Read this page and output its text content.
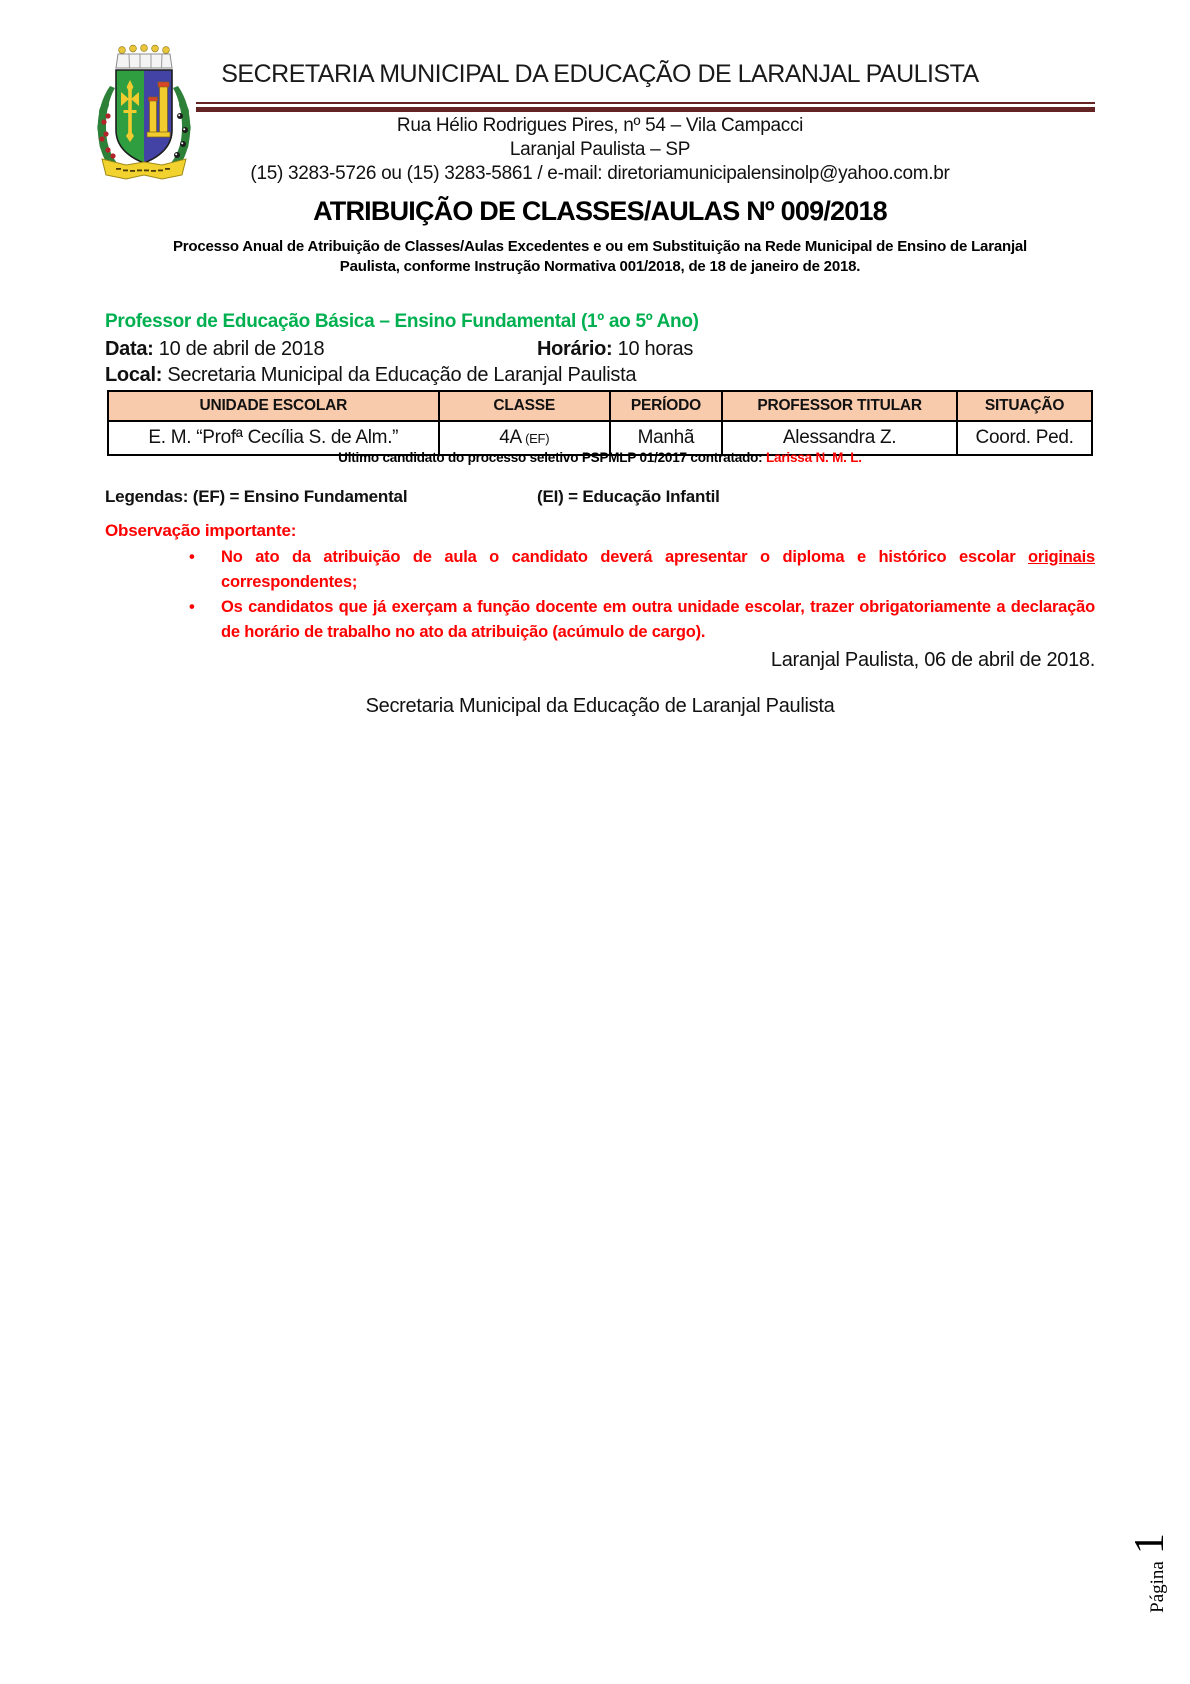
SECRETARIA MUNICIPAL DA EDUCAÇÃO DE LARANJAL PAULISTA
Rua Hélio Rodrigues Pires, nº 54 – Vila Campacci
Laranjal Paulista – SP
(15) 3283-5726 ou (15) 3283-5861 / e-mail: diretoriamunicipalensinolp@yahoo.com.br
ATRIBUIÇÃO DE CLASSES/AULAS Nº 009/2018
Processo Anual de Atribuição de Classes/Aulas Excedentes e ou em Substituição na Rede Municipal de Ensino de Laranjal Paulista, conforme Instrução Normativa 001/2018, de 18 de janeiro de 2018.
Professor de Educação Básica – Ensino Fundamental (1º ao 5º Ano)
Data: 10 de abril de 2018	Horário: 10 horas
Local: Secretaria Municipal da Educação de Laranjal Paulista
UNIDADE ESCOLAR	CLASSE	PERÍODO	PROFESSOR TITULAR	SITUAÇÃO
E. M. “Profª Cecília S. de Alm.”	4A (EF)	Manhã	Alessandra Z.	Coord. Ped.
Ultimo candidato do processo seletivo PSPMLP 01/2017 contratado: Larissa N. M. L.
Legendas: (EF) = Ensino Fundamental	(EI) = Educação Infantil
Observação importante:
•	No ato da atribuição de aula o candidato deverá apresentar o diploma e histórico escolar originais correspondentes;
•	Os candidatos que já exerçam a função docente em outra unidade escolar, trazer obrigatoriamente a declaração de horário de trabalho no ato da atribuição (acúmulo de cargo).
Laranjal Paulista, 06 de abril de 2018.
Secretaria Municipal da Educação de Laranjal Paulista
Página
1
